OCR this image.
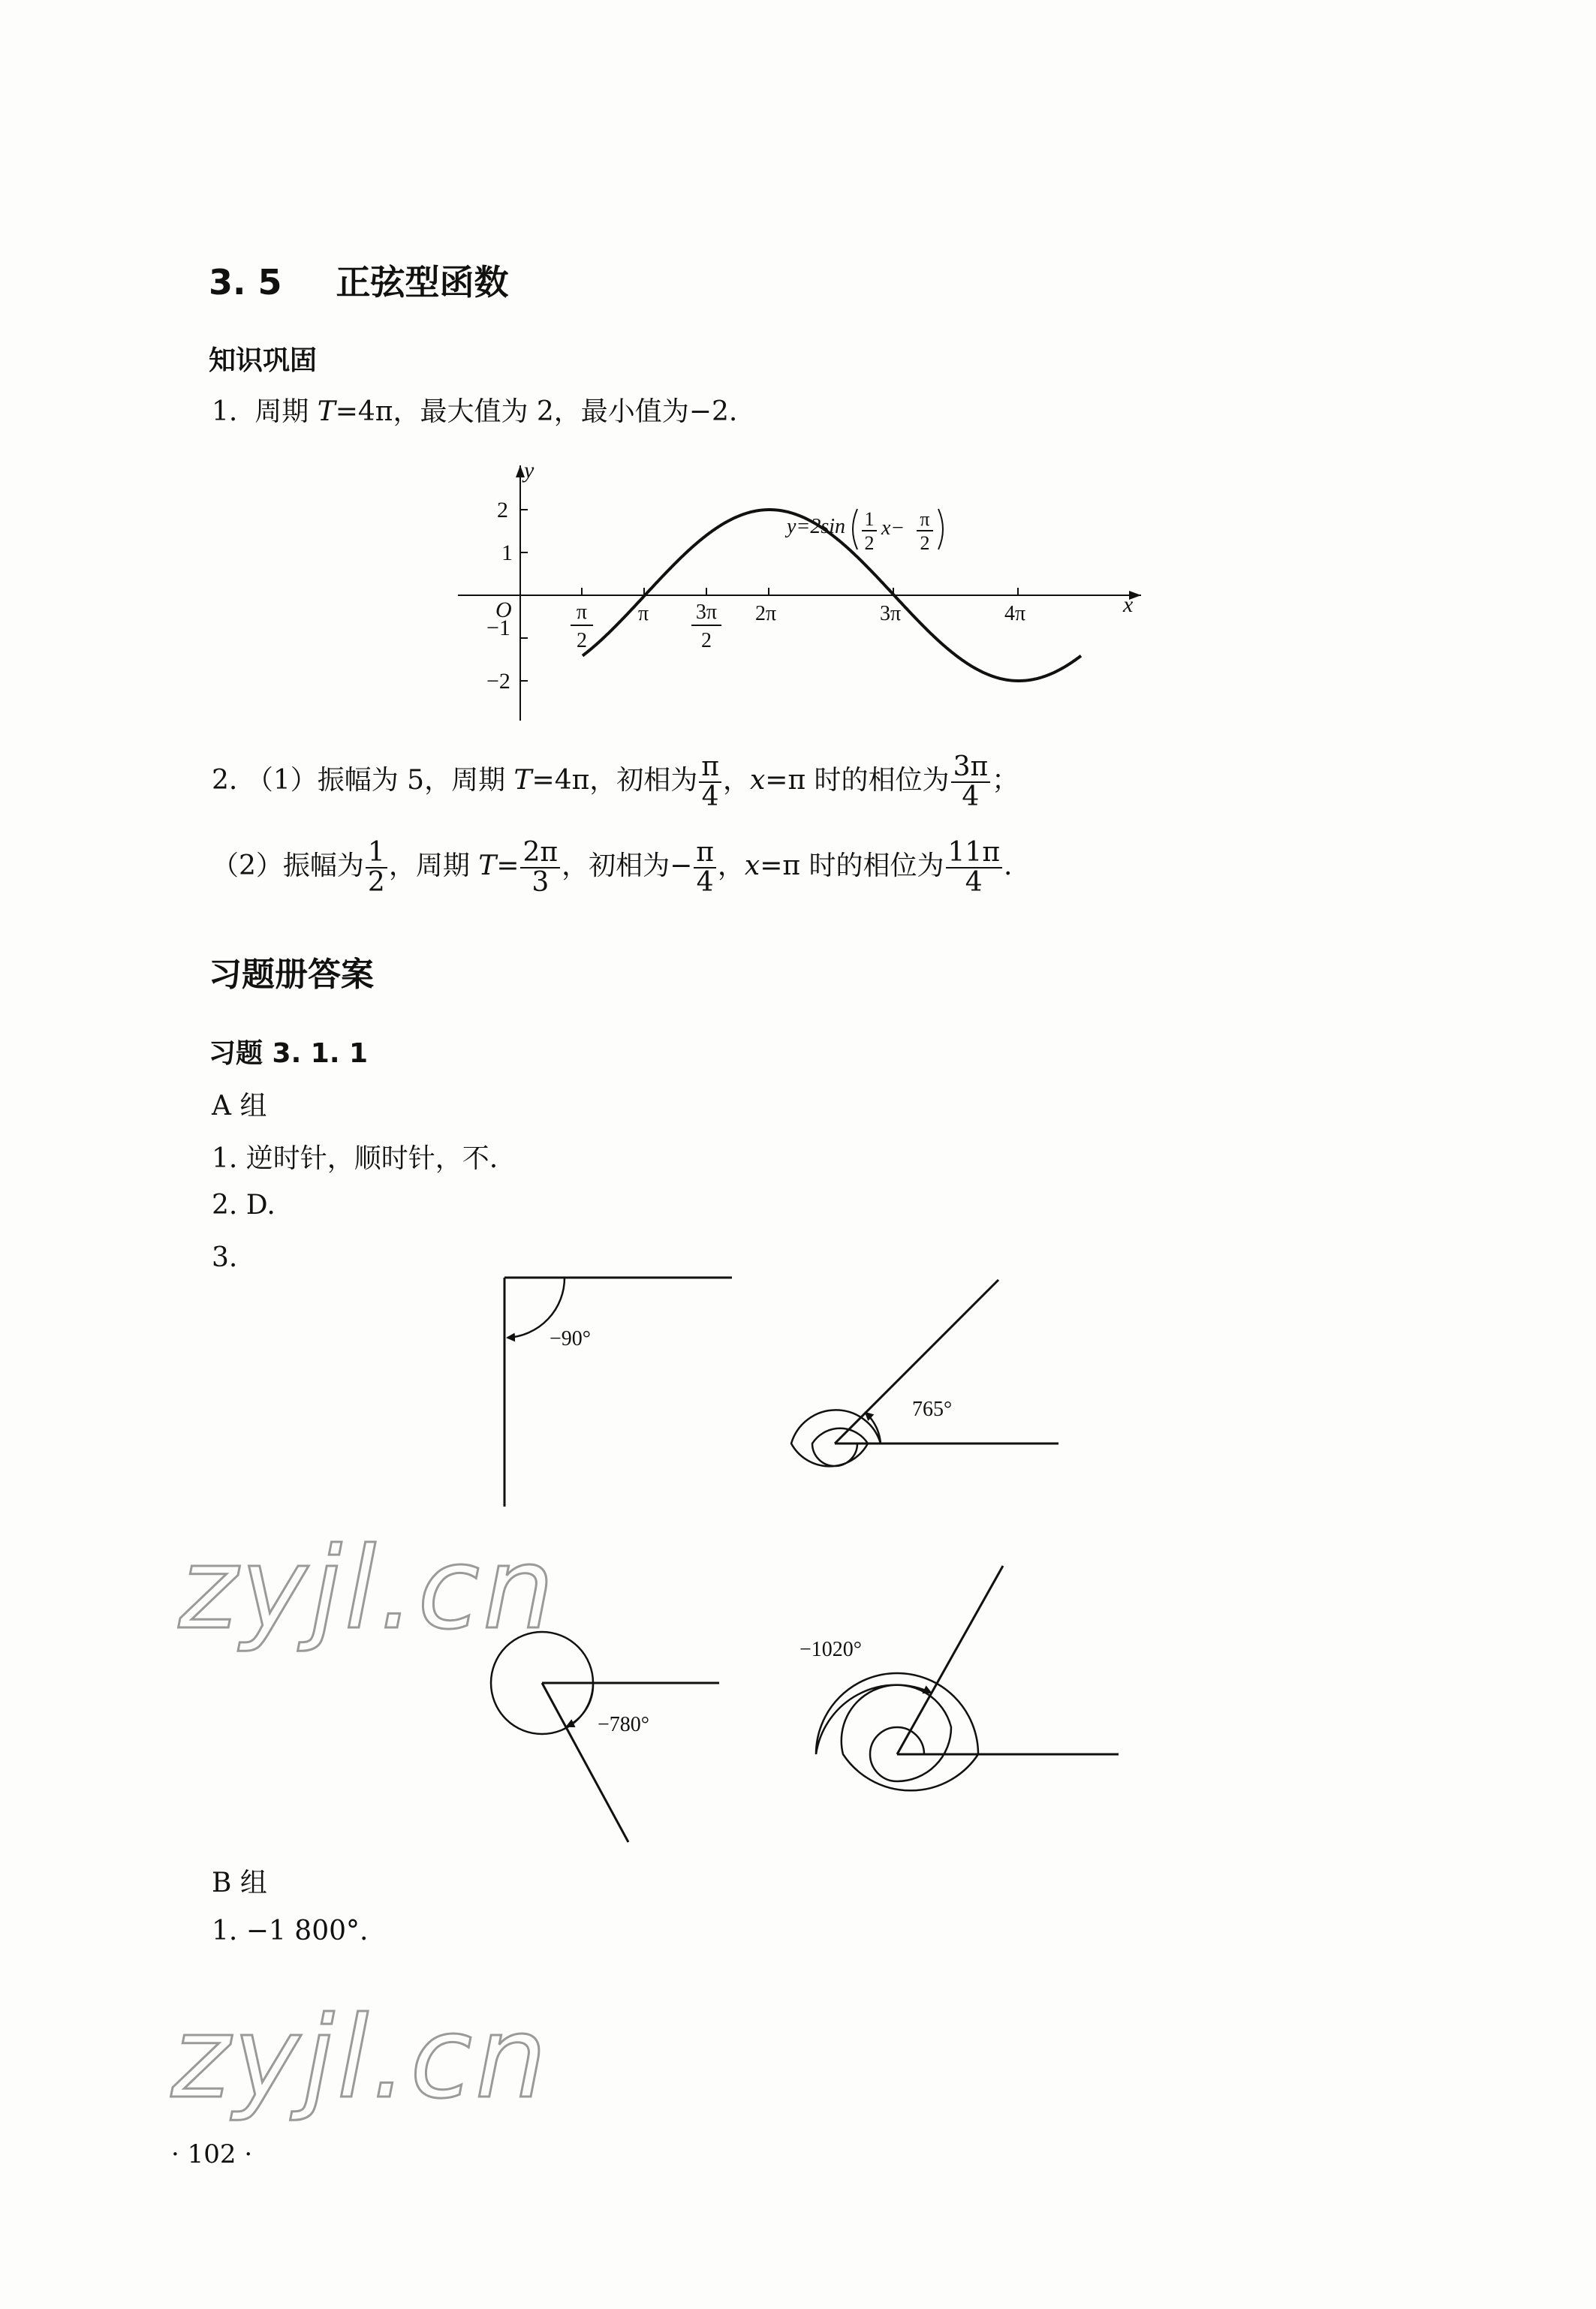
3. 5 正弦型函数
知识巩固
1. 周期 T=4π，最大值为 2，最小值为−2.
y
x
O
2
1
−1
−2
π	2π	3π	4π
π
2
3π
2
y=2sin 1
2
x− π
2
2. （1）振幅为 5，周期 T=4π，初相为 $\frac{\pi}{4}$ ，x=π 时的相位为 $\frac{3\pi}{4}$ ；
（2）振幅为 $\frac{1}{2}$ ，周期 $T= \frac{2\pi}{3}$ ，初相为− $\frac{\pi}{4}$ ，x=π 时的相位为 $\frac{11\pi}{4}$ .
习题册答案
习题 3. 1. 1
A 组
1. 逆时针，顺时针，不.
2. D.
3.
−90°
765°
−780°
−1020°
B 组
1. −1 800°.
zyjl.cn
zyjl.cn
· 102 ·
